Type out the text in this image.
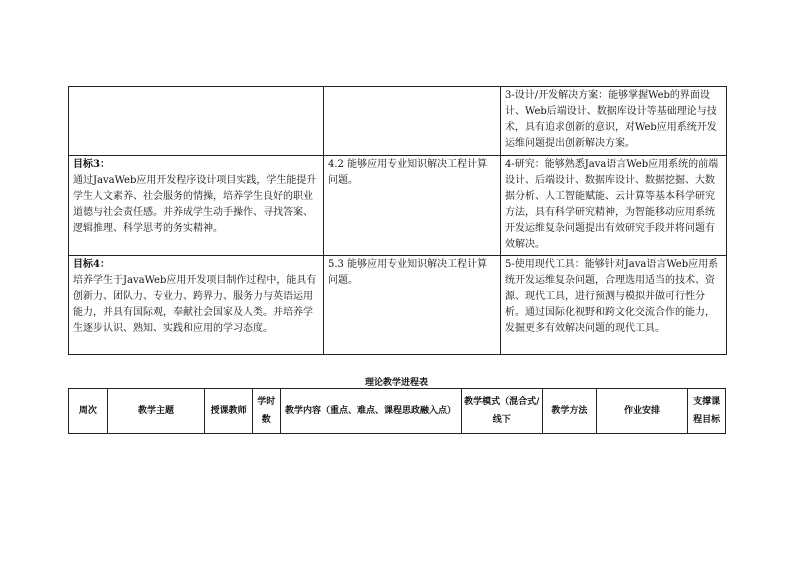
		3-设计/开发解决方案：能够掌握Web的界面设计、Web后端设计、数据库设计等基础理论与技术，具有追求创新的意识，对Web应用系统开发运维问题提出创新解决方案。

目标3：
通过JavaWeb应用开发程序设计项目实践，学生能提升学生人文素养、社会服务的情操，培养学生良好的职业道德与社会责任感。并养成学生动手操作、寻找答案、逻辑推理、科学思考的务实精神。	4.2 能够应用专业知识解决工程计算问题。	4-研究：能够熟悉Java语言Web应用系统的前端设计、后端设计、数据库设计、数据挖掘、大数据分析、人工智能赋能、云计算等基本科学研究方法，具有科学研究精神，为智能移动应用系统开发运维复杂问题提出有效研究手段并将问题有效解决。

目标4：
培养学生于JavaWeb应用开发项目制作过程中，能具有创新力、团队力、专业力、跨界力、服务力与英语运用能力，并具有国际观，奉献社会国家及人类。并培养学生逐步认识、熟知、实践和应用的学习态度。	5.3 能够应用专业知识解决工程计算问题。	5-使用现代工具：能够针对Java语言Web应用系统开发运维复杂问题，合理选用适当的技术、资源、现代工具，进行预测与模拟并做可行性分析。通过国际化视野和跨文化交流合作的能力，发掘更多有效解决问题的现代工具。
理论教学进程表
周次	教学主题	授课教师	学时数	教学内容（重点、难点、课程思政融入点）	教学模式（混合式/线下	教学方法	作业安排	支撑课程目标
